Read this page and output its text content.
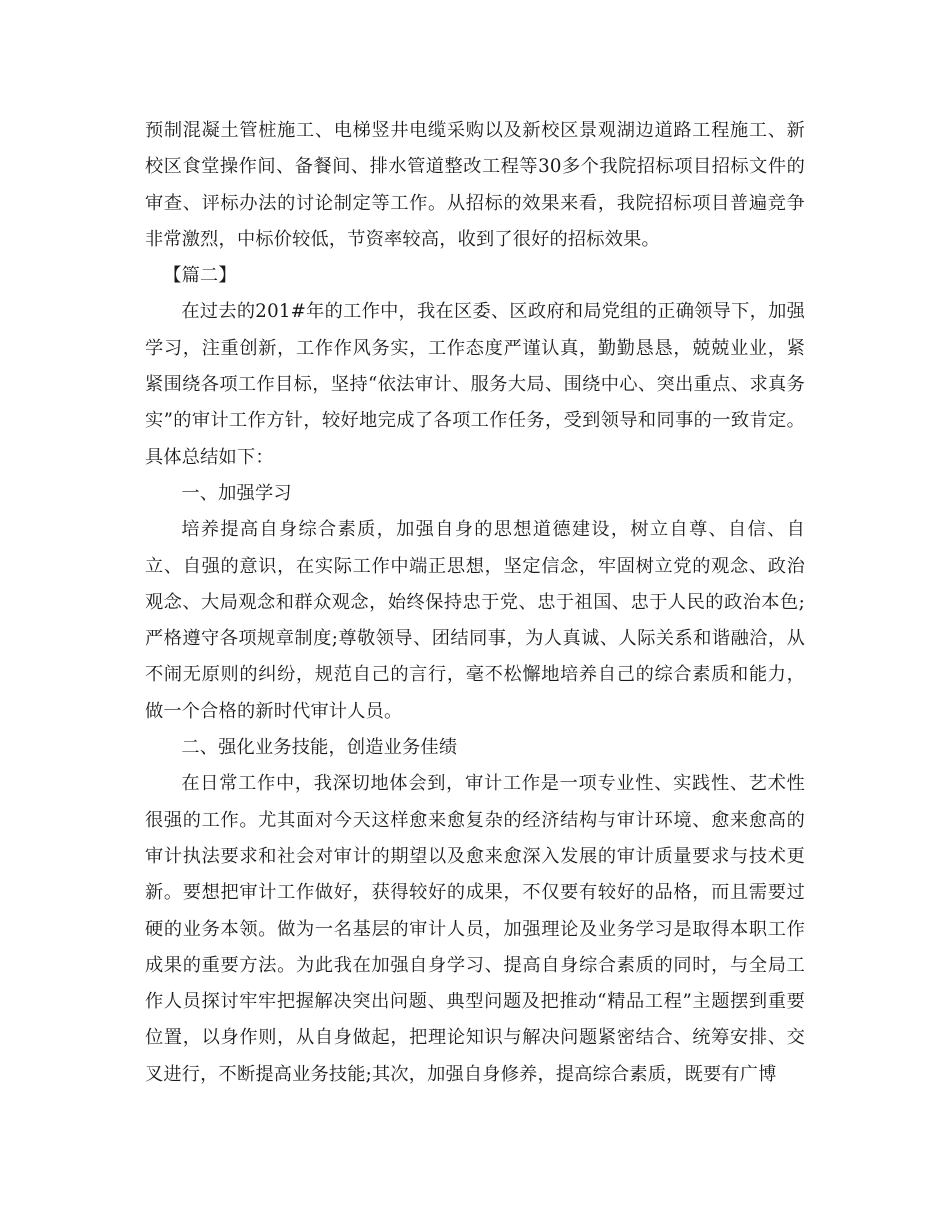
预制混凝土管桩施工、电梯竖井电缆采购以及新校区景观湖边道路工程施工、新校区食堂操作间、备餐间、排水管道整改工程等30多个我院招标项目招标文件的审查、评标办法的讨论制定等工作。从招标的效果来看，我院招标项目普遍竞争非常激烈，中标价较低，节资率较高，收到了很好的招标效果。

【篇二】

在过去的201#年的工作中，我在区委、区政府和局党组的正确领导下，加强学习，注重创新，工作作风务实，工作态度严谨认真，勤勤恳恳，兢兢业业，紧紧围绕各项工作目标，坚持“依法审计、服务大局、围绕中心、突出重点、求真务实”的审计工作方针，较好地完成了各项工作任务，受到领导和同事的一致肯定。具体总结如下：

一、加强学习

培养提高自身综合素质，加强自身的思想道德建设，树立自尊、自信、自立、自强的意识，在实际工作中端正思想，坚定信念，牢固树立党的观念、政治观念、大局观念和群众观念，始终保持忠于党、忠于祖国、忠于人民的政治本色;严格遵守各项规章制度;尊敬领导、团结同事，为人真诚、人际关系和谐融洽，从不闹无原则的纠纷，规范自己的言行，毫不松懈地培养自己的综合素质和能力，做一个合格的新时代审计人员。

二、强化业务技能，创造业务佳绩

在日常工作中，我深切地体会到，审计工作是一项专业性、实践性、艺术性很强的工作。尤其面对今天这样愈来愈复杂的经济结构与审计环境、愈来愈高的审计执法要求和社会对审计的期望以及愈来愈深入发展的审计质量要求与技术更新。要想把审计工作做好，获得较好的成果，不仅要有较好的品格，而且需要过硬的业务本领。做为一名基层的审计人员，加强理论及业务学习是取得本职工作成果的重要方法。为此我在加强自身学习、提高自身综合素质的同时，与全局工作人员探讨牢牢把握解决突出问题、典型问题及把推动“精品工程”主题摆到重要位置，以身作则，从自身做起，把理论知识与解决问题紧密结合、统筹安排、交叉进行，不断提高业务技能;其次，加强自身修养，提高综合素质，既要有广博
